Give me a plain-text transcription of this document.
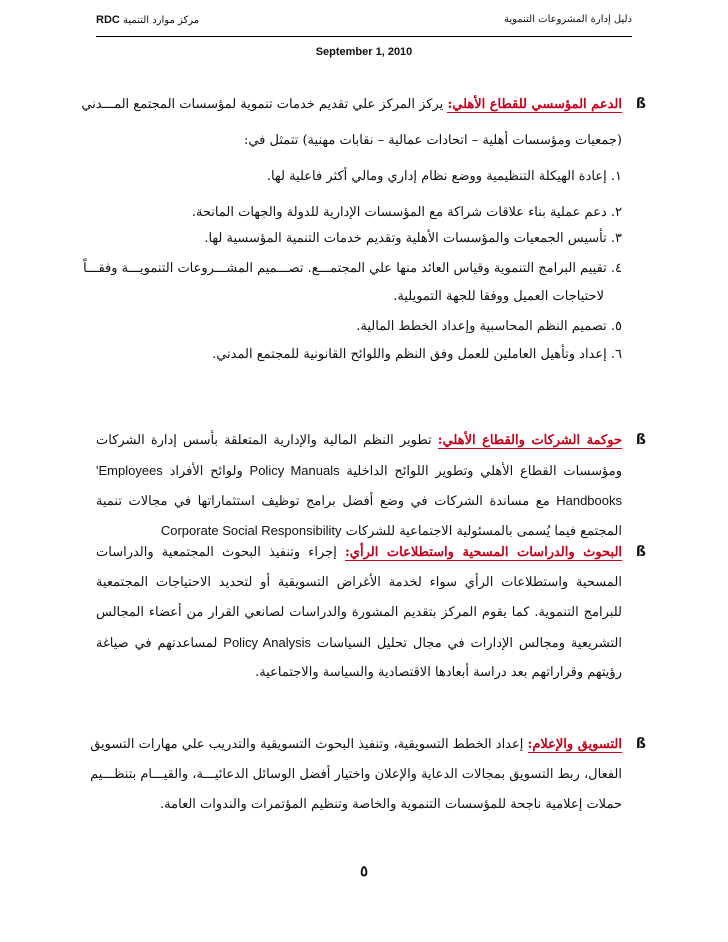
دليل إدارة المشروعات التنموية
مركز موارد التنمية RDC
September 1, 2010
ß
الدعم المؤسسي للقطاع الأهلي: يركز المركز علي تقديم خدمات تنموية لمؤسسات المجتمع المـــدني
(جمعيات ومؤسسات أهلية – اتحادات عمالية – نقابات مهنية) تتمثل في:
١. إعادة الهيكلة التنظيمية ووضع نظام إداري ومالي أكثر فاعلية لها.
٢. دعم عملية بناء علاقات شراكة مع المؤسسات الإدارية للدولة والجهات المانحة.
٣. تأسيس الجمعيات والمؤسسات الأهلية وتقديم خدمات التنمية المؤسسية لها.
٤. تقييم البرامج التنموية وقياس العائد منها علي المجتمـــع. تصـــميم المشـــروعات التنمويـــة وفقـــاً
لاحتياجات العميل ووفقا للجهة التمويلية.
٥. تصميم النظم المحاسبية وإعداد الخطط المالية.
٦. إعداد وتأهيل العاملين للعمل وفق النظم واللوائح القانونية للمجتمع المدني.
ß
حوكمة الشركات والقطاع الأهلي: تطوير النظم المالية والإدارية المتعلقة بأسس إدارة الشركات
ومؤسسات القطاع الأهلي وتطوير اللوائح الداخلية Policy Manuals ولوائح الأفراد Employees'
Handbooks مع مساندة الشركات في وضع أفضل برامج توظيف استثماراتها في مجالات تنمية
المجتمع فيما يُسمى بالمسئولية الاجتماعية للشركات Corporate Social Responsibility
ß
البحوث والدراسات المسحية واستطلاعات الرأي: إجراء وتنفيذ البحوث المجتمعية والدراسات
المسحية واستطلاعات الرأي سواء لخدمة الأغراض التسويقية أو لتحديد الاحتياجات المجتمعية
للبرامج التنموية. كما يقوم المركز بتقديم المشورة والدراسات لصانعي القرار من أعضاء المجالس
التشريعية ومجالس الإدارات في مجال تحليل السياسات Policy Analysis لمساعدتهم في صياغة
رؤيتهم وقراراتهم بعد دراسة أبعادها الاقتصادية والسياسة والاجتماعية.
ß
التسويق والإعلام: إعداد الخطط التسويقية، وتنفيذ البحوث التسويقية والتدريب علي مهارات التسويق
الفعال، ربط التسويق بمجالات الدعاية والإعلان واختيار أفضل الوسائل الدعائيـــة، والقيـــام بتنظـــيم
حملات إعلامية ناجحة للمؤسسات التنموية والخاصة وتنظيم المؤتمرات والندوات العامة.
٥
